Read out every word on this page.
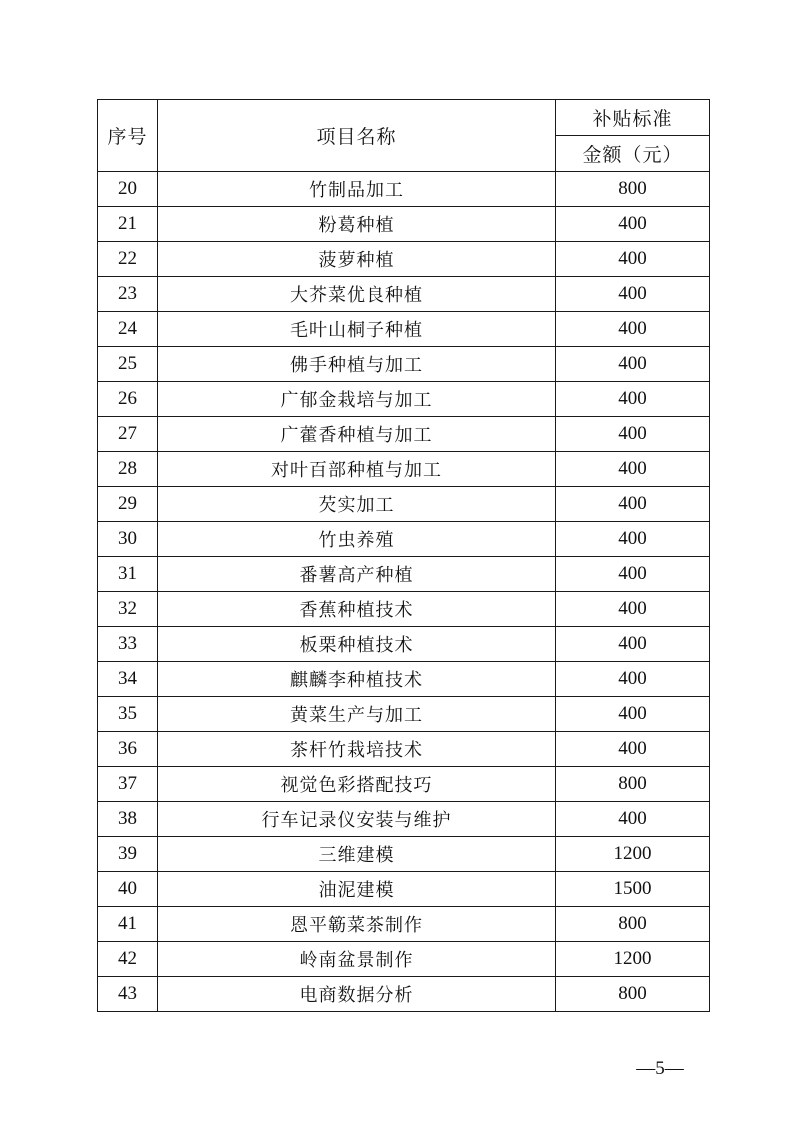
序号	项目名称	补贴标准
		金额（元）
20	竹制品加工	800
21	粉葛种植	400
22	菠萝种植	400
23	大芥菜优良种植	400
24	毛叶山桐子种植	400
25	佛手种植与加工	400
26	广郁金栽培与加工	400
27	广藿香种植与加工	400
28	对叶百部种植与加工	400
29	芡实加工	400
30	竹虫养殖	400
31	番薯高产种植	400
32	香蕉种植技术	400
33	板栗种植技术	400
34	麒麟李种植技术	400
35	黄菜生产与加工	400
36	茶杆竹栽培技术	400
37	视觉色彩搭配技巧	800
38	行车记录仪安装与维护	400
39	三维建模	1200
40	油泥建模	1500
41	恩平簕菜茶制作	800
42	岭南盆景制作	1200
43	电商数据分析	800
—5—
